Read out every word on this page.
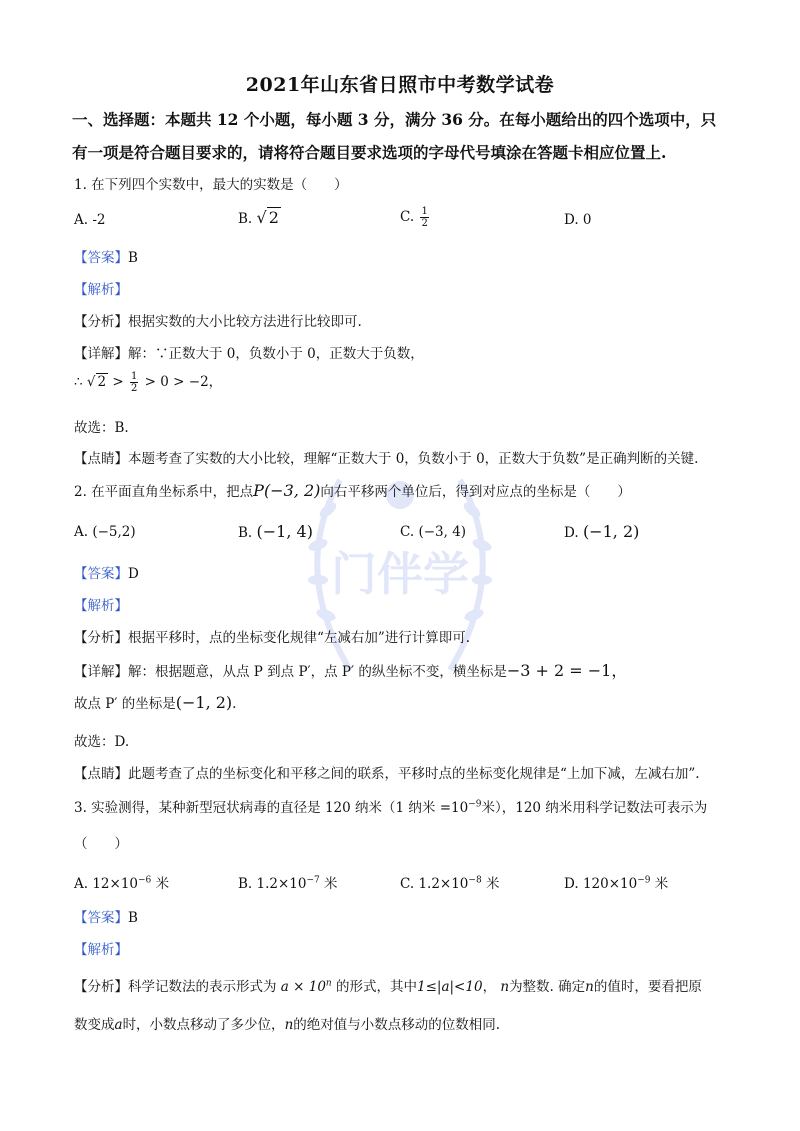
门伴学
2021年山东省日照市中考数学试卷
一、选择题：本题共 12 个小题，每小题 3 分，满分 36 分。在每小题给出的四个选项中，只
有一项是符合题目要求的，请将符合题目要求选项的字母代号填涂在答题卡相应位置上.
1. 在下列四个实数中，最大的实数是（　　）
A. -2	B. √ 2	C. $\frac{1}{2}$	D. 0
【答案】B
【解析】
【分析】根据实数的大小比较方法进行比较即可.
【详解】解：∵正数大于 0，负数小于 0，正数大于负数，
∴ √ $2 > \frac{1}{2} > 0 > -2$，
故选：B.
【点睛】本题考查了实数的大小比较，理解“正数大于 0，负数小于 0，正数大于负数”是正确判断的关键.
2. 在平面直角坐标系中，把点P(−3, 2)向右平移两个单位后，得到对应点的坐标是（　　）
A. (−5,2)	B. (−1, 4)	C. (−3, 4)	D. (−1, 2)
【答案】D
【解析】
【分析】根据平移时，点的坐标变化规律“左减右加”进行计算即可.
【详解】解：根据题意，从点 P 到点 P′，点 P′ 的纵坐标不变，横坐标是−3 + 2 = −1，
故点 P′ 的坐标是(−1, 2).
故选：D.
【点睛】此题考查了点的坐标变化和平移之间的联系，平移时点的坐标变化规律是“上加下减，左减右加”.
3. 实验测得，某种新型冠状病毒的直径是 120 纳米（1 纳米 $=10^{-9}$米），120 纳米用科学记数法可表示为
（　　）
A. $12\times 10^{-6}$ 米	B. $1.2\times 10^{-7}$ 米	C. $1.2\times 10^{-8}$ 米	D. $120\times 10^{-9}$ 米
【答案】B
【解析】
【分析】科学记数法的表示形式为 $a \times 10^n$ 的形式，其中1≤|a|<10， n为整数. 确定n的值时，要看把原
数变成a时，小数点移动了多少位，n的绝对值与小数点移动的位数相同.
